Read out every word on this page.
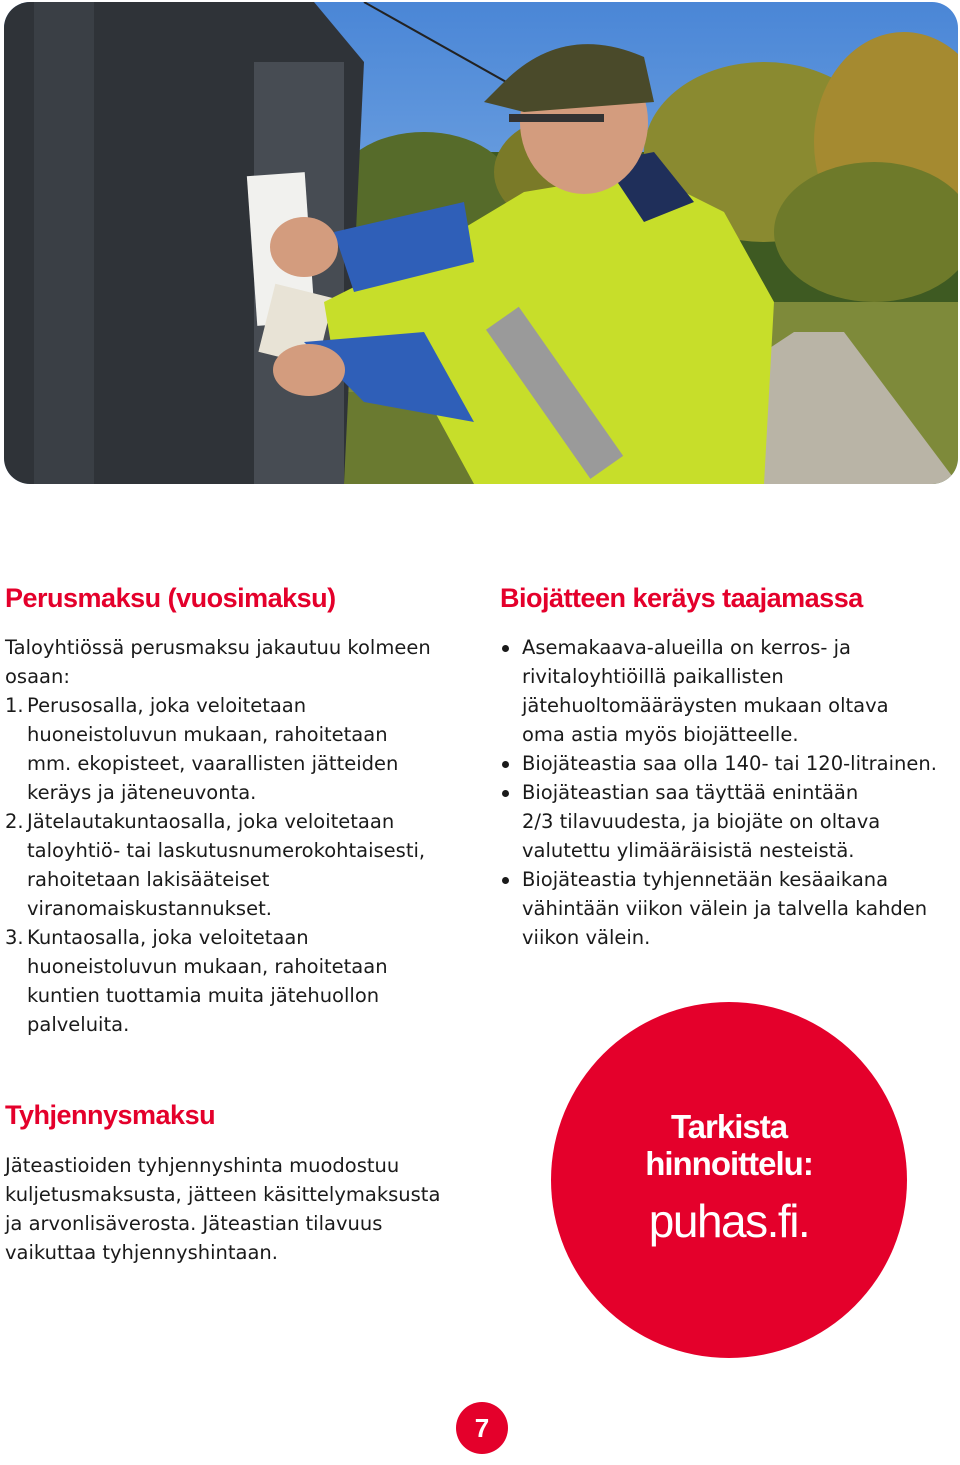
Perusmaksu (vuosimaksu)
Taloyhtiössä perusmaksu jakautuu kolmeen osaan:
1. Perusosalla, joka veloitetaan huoneistoluvun mukaan, rahoitetaan mm. ekopisteet, vaarallisten jätteiden keräys ja jäteneuvonta.
2. Jätelautakuntaosalla, joka veloitetaan taloyhtiö- tai laskutusnumerokohtaisesti, rahoitetaan lakisääteiset viranomaiskustannukset.
3. Kuntaosalla, joka veloitetaan huoneistoluvun mukaan, rahoitetaan kuntien tuottamia muita jätehuollon palveluita.
Biojätteen keräys taajamassa
Asemakaava-alueilla on kerros- ja rivitaloyhtiöillä paikallisten jätehuoltomääräysten mukaan oltava oma astia myös biojätteelle.
Biojäteastia saa olla 140- tai 120-litrainen.
Biojäteastian saa täyttää enintään 2/3 tilavuudesta, ja biojäte on oltava valutettu ylimääräisistä nesteistä.
Biojäteastia tyhjennetään kesäaikana vähintään viikon välein ja talvella kahden viikon välein.
Tyhjennysmaksu

Jäteastioiden tyhjennyshinta muodostuu kuljetusmaksusta, jätteen käsittelymaksusta ja arvonlisäverosta. Jäteastian tilavuus vaikuttaa tyhjennyshintaan.

Tarkista
hinnoittelu:
puhas.fi.
7
